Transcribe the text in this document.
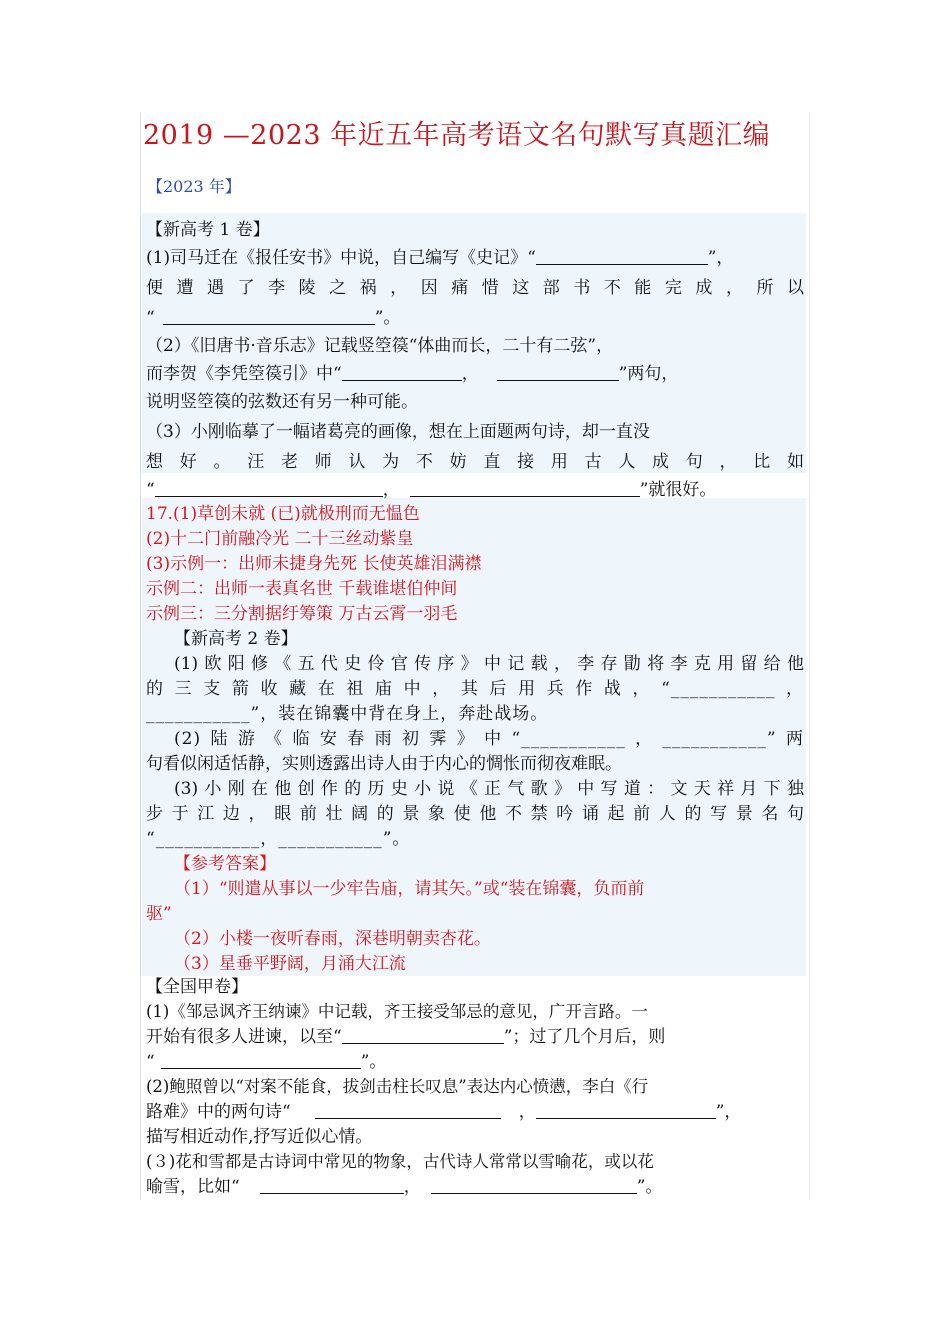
2019 —2023 年近五年高考语文名句默写真题汇编
【2023 年】
【新高考 1 卷】
(1)司马迁在《报任安书》中说，自己编写《史记》“	”，
便遭遇了李陵之祸，因痛惜这部书不能完成，所以
“	”。
（2）《旧唐书·音乐志》记载竖箜篌“体曲而长，二十有二弦”，
而李贺《李凭箜篌引》中“	，	”两句，
说明竖箜篌的弦数还有另一种可能。
（3）小刚临摹了一幅诸葛亮的画像，想在上面题两句诗，却一直没
想好。汪老师认为不妨直接用古人成句，比如
“	，	”就很好。
17.(1)草创未就 (已)就极刑而无愠色
(2)十二门前融冷光 二十三丝动紫皇
(3)示例一：出师未捷身先死 长使英雄泪满襟
示例二：出师一表真名世 千载谁堪伯仲间
示例三：三分割据纡筹策 万古云霄一羽毛
【新高考 2 卷】
(1)欧阳修《五代史伶官传序》中记载，李存勖将李克用留给他
的三支箭收藏在祖庙中，其后用兵作战，“___________，
___________”，装在锦囊中背在身上，奔赴战场。
(2)陆游《临安春雨初霁》中“___________，___________”两
句看似闲适恬静，实则透露出诗人由于内心的惆怅而彻夜难眠。
(3)小刚在他创作的历史小说《正气歌》中写道：文天祥月下独
步于江边，眼前壮阔的景象使他不禁吟诵起前人的写景名句
“___________，___________”。
【参考答案】
（1）“则遣从事以一少牢告庙，请其矢。”或“装在锦囊，负而前
驱”
（2）小楼一夜听春雨，深巷明朝卖杏花。
（3）星垂平野阔，月涌大江流
【全国甲卷】
(1)《邹忌讽齐王纳谏》中记载，齐王接受邹忌的意见，广开言路。一
开始有很多人进谏，以至“	”；过了几个月后，则
“	”。
(2)鲍照曾以“对案不能食，拔剑击柱长叹息”表达内心愤懑，李白《行
路难》中的两句诗“	，	”，
描写相近动作,抒写近似心情。
(３)花和雪都是古诗词中常见的物象，古代诗人常常以雪喻花，或以花
喻雪，比如“	，	”。
